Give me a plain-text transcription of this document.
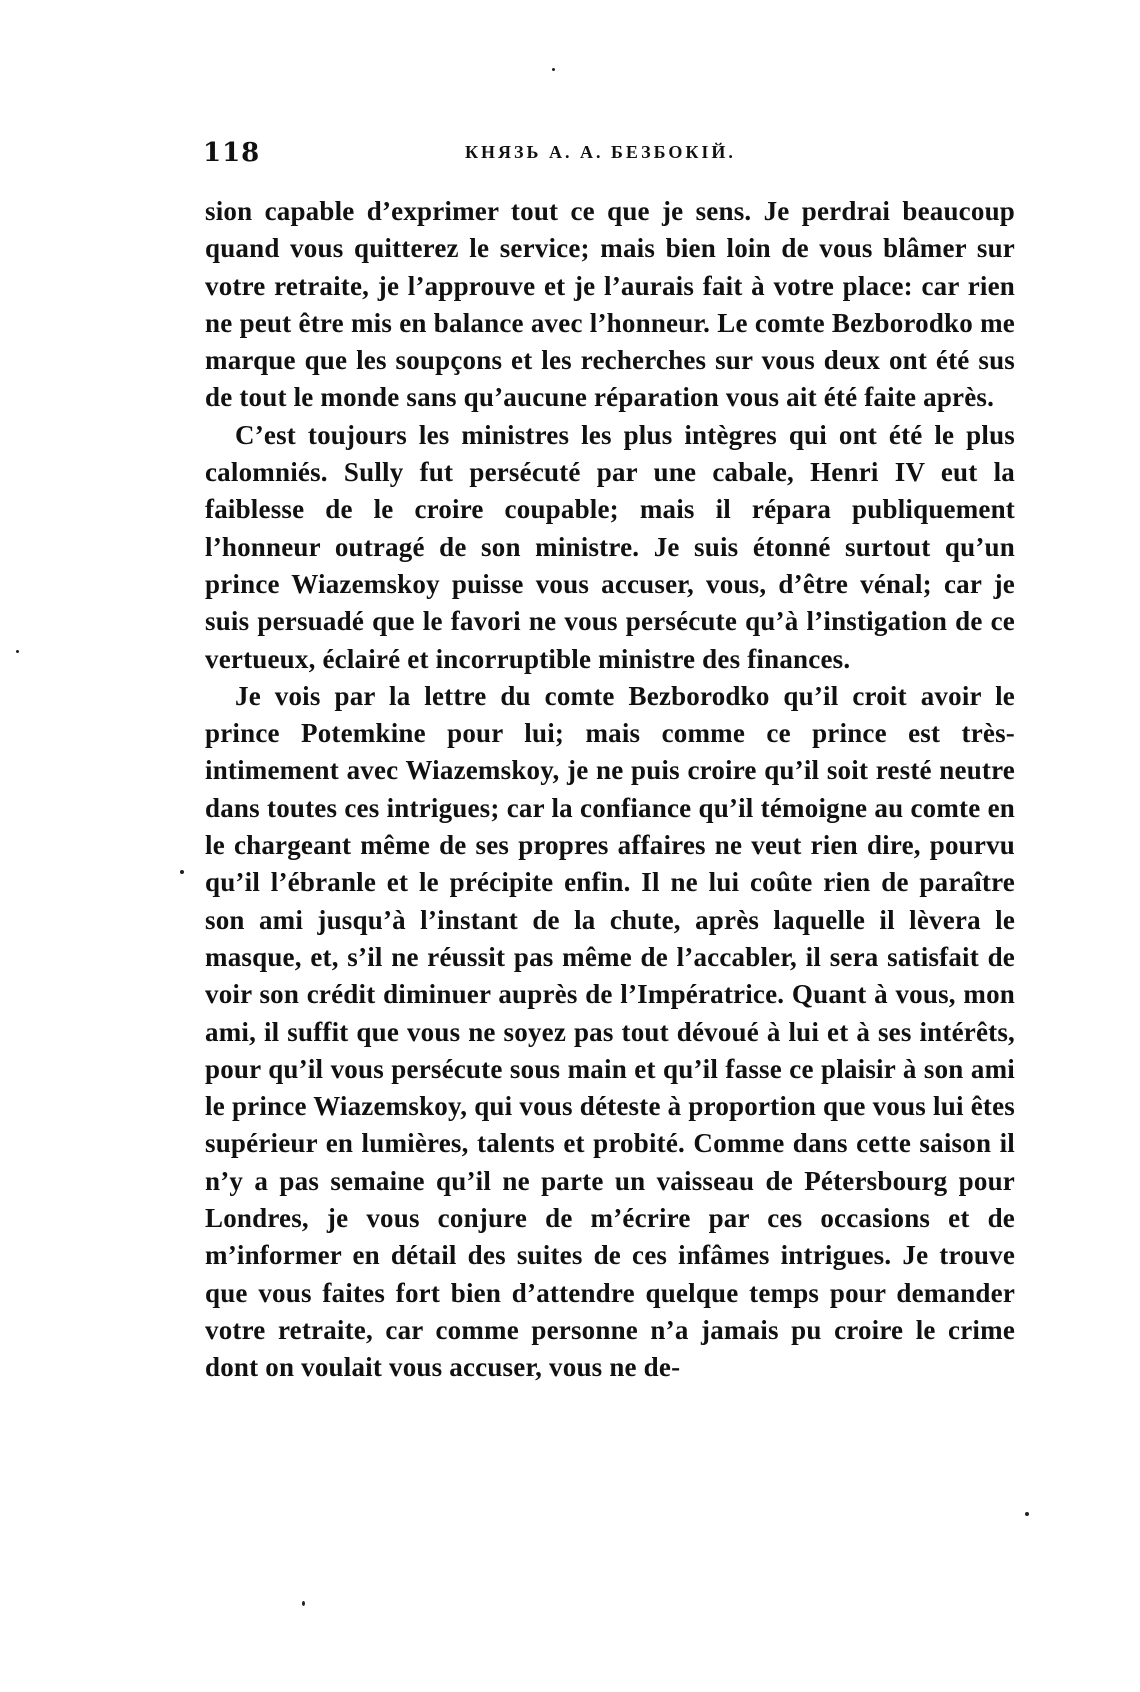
118	КНЯЗЬ А. А. БЕЗБОКІЙ.

sion capable d’exprimer tout ce que je sens. Je perdrai beaucoup quand vous quitterez le service; mais bien loin de vous blâmer sur votre retraite, je l’approuve et je l’aurais fait à votre place: car rien ne peut être mis en balance avec l’honneur. Le comte Bezborodko me marque que les soupçons et les recherches sur vous deux ont été sus de tout le monde sans qu’aucune réparation vous ait été faite après.

C’est toujours les ministres les plus intègres qui ont été le plus calomniés. Sully fut persécuté par une cabale, Henri IV eut la faiblesse de le croire coupable; mais il répara publiquement l’honneur outragé de son ministre. Je suis étonné surtout qu’un prince Wiazemskoy puisse vous accuser, vous, d’être vénal; car je suis persuadé que le favori ne vous persécute qu’à l’instigation de ce vertueux, éclairé et incorruptible ministre des finances.

Je vois par la lettre du comte Bezborodko qu’il croit avoir le prince Potemkine pour lui; mais comme ce prince est très-intimement avec Wiazemskoy, je ne puis croire qu’il soit resté neutre dans toutes ces intrigues; car la confiance qu’il témoigne au comte en le chargeant même de ses propres affaires ne veut rien dire, pourvu qu’il l’ébranle et le précipite enfin. Il ne lui coûte rien de paraître son ami jusqu’à l’instant de la chute, après laquelle il lèvera le masque, et, s’il ne réussit pas même de l’accabler, il sera satisfait de voir son crédit diminuer auprès de l’Impératrice. Quant à vous, mon ami, il suffit que vous ne soyez pas tout dévoué à lui et à ses intérêts, pour qu’il vous persécute sous main et qu’il fasse ce plaisir à son ami le prince Wiazemskoy, qui vous déteste à proportion que vous lui êtes supérieur en lumières, talents et probité. Comme dans cette saison il n’y a pas semaine qu’il ne parte un vaisseau de Pétersbourg pour Londres, je vous conjure de m’écrire par ces occasions et de m’informer en détail des suites de ces infâmes intrigues. Je trouve que vous faites fort bien d’attendre quelque temps pour demander votre retraite, car comme personne n’a jamais pu croire le crime dont on voulait vous accuser, vous ne de-
